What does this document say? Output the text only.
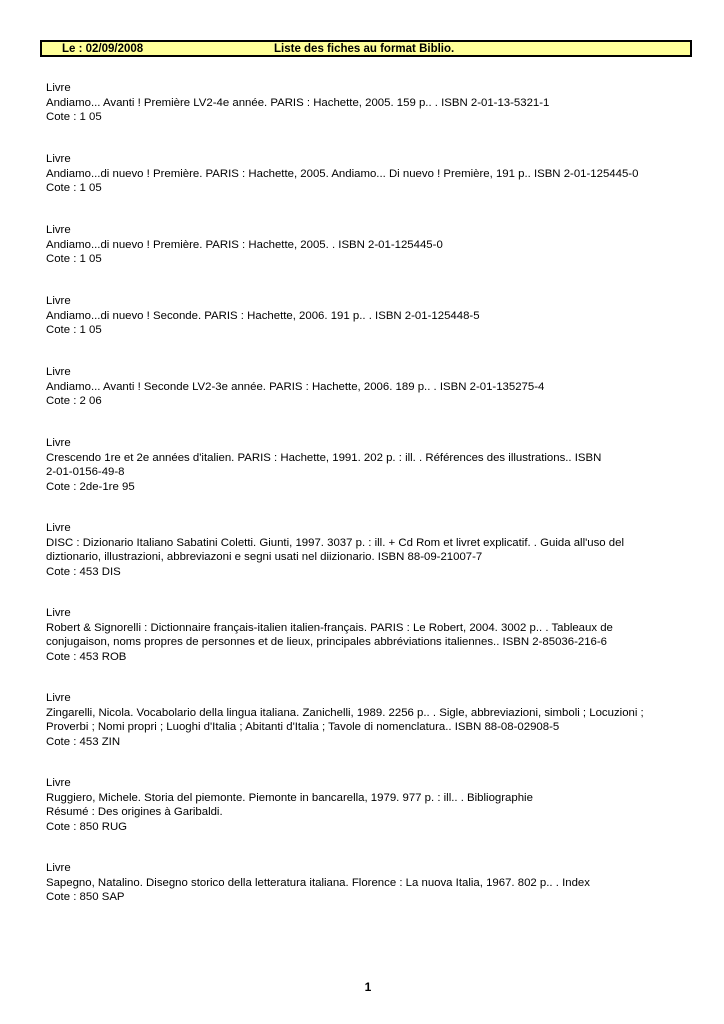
Le : 02/09/2008	Liste des fiches au format Biblio.
Livre
Andiamo... Avanti ! Première LV2-4e année. PARIS : Hachette, 2005. 159 p.. . ISBN 2-01-13-5321-1
Cote : 1 05
Livre
Andiamo...di nuevo ! Première. PARIS : Hachette, 2005. Andiamo... Di nuevo ! Première, 191 p.. ISBN 2-01-125445-0
Cote : 1 05
Livre
Andiamo...di nuevo ! Première. PARIS : Hachette, 2005. . ISBN 2-01-125445-0
Cote : 1 05
Livre
Andiamo...di nuevo ! Seconde. PARIS : Hachette, 2006. 191 p.. . ISBN 2-01-125448-5
Cote : 1 05
Livre
Andiamo... Avanti ! Seconde LV2-3e année. PARIS : Hachette, 2006. 189 p.. . ISBN 2-01-135275-4
Cote : 2 06
Livre
Crescendo 1re et 2e années d'italien. PARIS : Hachette, 1991. 202 p. : ill. . Références des illustrations.. ISBN
2-01-0156-49-8
Cote : 2de-1re 95
Livre
DISC : Dizionario Italiano Sabatini Coletti. Giunti, 1997. 3037 p. : ill. + Cd Rom et livret explicatif. . Guida all'uso del
diztionario, illustrazioni, abbreviazoni e segni usati nel diizionario. ISBN 88-09-21007-7
Cote : 453 DIS
Livre
Robert & Signorelli : Dictionnaire français-italien italien-français. PARIS : Le Robert, 2004. 3002 p.. . Tableaux de
conjugaison, noms propres de personnes et de lieux, principales abbréviations italiennes.. ISBN 2-85036-216-6
Cote : 453 ROB
Livre
Zingarelli, Nicola. Vocabolario della lingua italiana. Zanichelli, 1989. 2256 p.. . Sigle, abbreviazioni, simboli ; Locuzioni ;
Proverbi ; Nomi propri ; Luoghi d'Italia ; Abitanti d'Italia ; Tavole di nomenclatura.. ISBN 88-08-02908-5
Cote : 453 ZIN
Livre
Ruggiero, Michele. Storia del piemonte. Piemonte in bancarella, 1979. 977 p. : ill.. . Bibliographie
Résumé : Des origines à Garibaldi.
Cote : 850 RUG
Livre
Sapegno, Natalino. Disegno storico della letteratura italiana. Florence : La nuova Italia, 1967. 802 p.. . Index
Cote : 850 SAP
1
